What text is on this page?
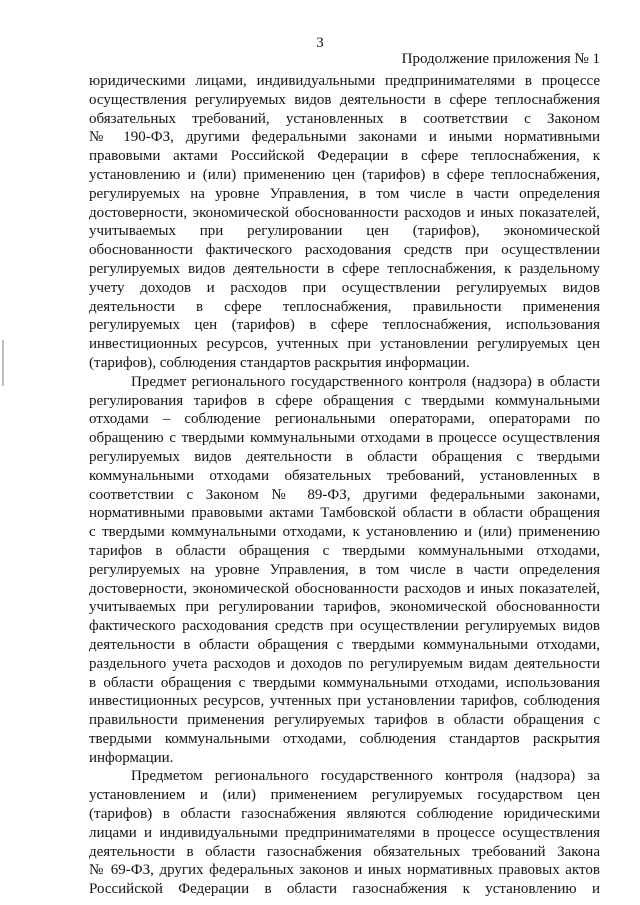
3
Продолжение приложения № 1
юридическими лицами, индивидуальными предпринимателями в процессе
осуществления регулируемых видов деятельности в сфере теплоснабжения
обязательных требований, установленных в соответствии с Законом
№ 190-ФЗ, другими федеральными законами и иными нормативными
правовыми актами Российской Федерации в сфере теплоснабжения, к
установлению и (или) применению цен (тарифов) в сфере теплоснабжения,
регулируемых на уровне Управления, в том числе в части определения
достоверности, экономической обоснованности расходов и иных показателей,
учитываемых при регулировании цен (тарифов), экономической
обоснованности фактического расходования средств при осуществлении
регулируемых видов деятельности в сфере теплоснабжения, к раздельному
учету доходов и расходов при осуществлении регулируемых видов
деятельности в сфере теплоснабжения, правильности применения
регулируемых цен (тарифов) в сфере теплоснабжения, использования
инвестиционных ресурсов, учтенных при установлении регулируемых цен
(тарифов), соблюдения стандартов раскрытия информации.
Предмет регионального государственного контроля (надзора) в области
регулирования тарифов в сфере обращения с твердыми коммунальными
отходами – соблюдение региональными операторами, операторами по
обращению с твердыми коммунальными отходами в процессе осуществления
регулируемых видов деятельности в области обращения с твердыми
коммунальными отходами обязательных требований, установленных в
соответствии с Законом № 89-ФЗ, другими федеральными законами,
нормативными правовыми актами Тамбовской области в области обращения
с твердыми коммунальными отходами, к установлению и (или) применению
тарифов в области обращения с твердыми коммунальными отходами,
регулируемых на уровне Управления, в том числе в части определения
достоверности, экономической обоснованности расходов и иных показателей,
учитываемых при регулировании тарифов, экономической обоснованности
фактического расходования средств при осуществлении регулируемых видов
деятельности в области обращения с твердыми коммунальными отходами,
раздельного учета расходов и доходов по регулируемым видам деятельности
в области обращения с твердыми коммунальными отходами, использования
инвестиционных ресурсов, учтенных при установлении тарифов, соблюдения
правильности применения регулируемых тарифов в области обращения с
твердыми коммунальными отходами, соблюдения стандартов раскрытия
информации.
Предметом регионального государственного контроля (надзора) за
установлением и (или) применением регулируемых государством цен
(тарифов) в области газоснабжения являются соблюдение юридическими
лицами и индивидуальными предпринимателями в процессе осуществления
деятельности в области газоснабжения обязательных требований Закона
№ 69-ФЗ, других федеральных законов и иных нормативных правовых актов
Российской Федерации в области газоснабжения к установлению и
